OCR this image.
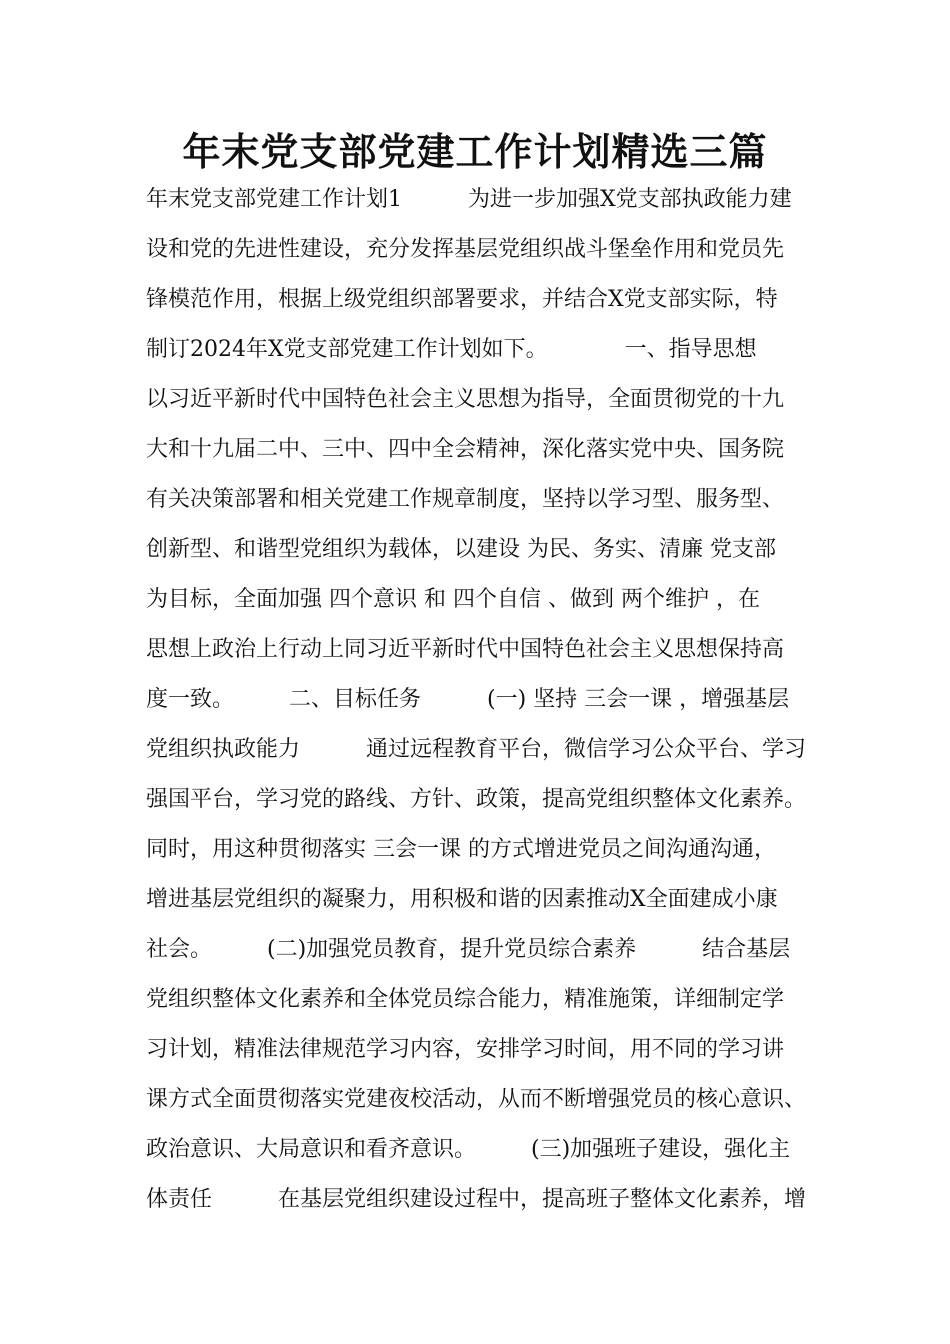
年末党支部党建工作计划精选三篇
年末党支部党建工作计划1　　　为进一步加强X党支部执政能力建
设和党的先进性建设，充分发挥基层党组织战斗堡垒作用和党员先
锋模范作用，根据上级党组织部署要求，并结合X党支部实际，特
制订2024年X党支部党建工作计划如下。　　　　一、指导思想
以习近平新时代中国特色社会主义思想为指导，全面贯彻党的十九
大和十九届二中、三中、四中全会精神，深化落实党中央、国务院
有关决策部署和相关党建工作规章制度，坚持以学习型、服务型、
创新型、和谐型党组织为载体，以建设 为民、务实、清廉 党支部
为目标，全面加强 四个意识 和 四个自信 、做到 两个维护 ，在
思想上政治上行动上同习近平新时代中国特色社会主义思想保持高
度一致。　　　二、目标任务　　　(一) 坚持 三会一课 ，增强基层
党组织执政能力　　　通过远程教育平台，微信学习公众平台、学习
强国平台，学习党的路线、方针、政策，提高党组织整体文化素养。
同时，用这种贯彻落实 三会一课 的方式增进党员之间沟通沟通，
增进基层党组织的凝聚力，用积极和谐的因素推动X全面建成小康
社会。　　　(二)加强党员教育，提升党员综合素养　　　结合基层
党组织整体文化素养和全体党员综合能力，精准施策，详细制定学
习计划，精准法律规范学习内容，安排学习时间，用不同的学习讲
课方式全面贯彻落实党建夜校活动，从而不断增强党员的核心意识、
政治意识、大局意识和看齐意识。　　　(三)加强班子建设，强化主
体责任　　　在基层党组织建设过程中，提高班子整体文化素养，增
